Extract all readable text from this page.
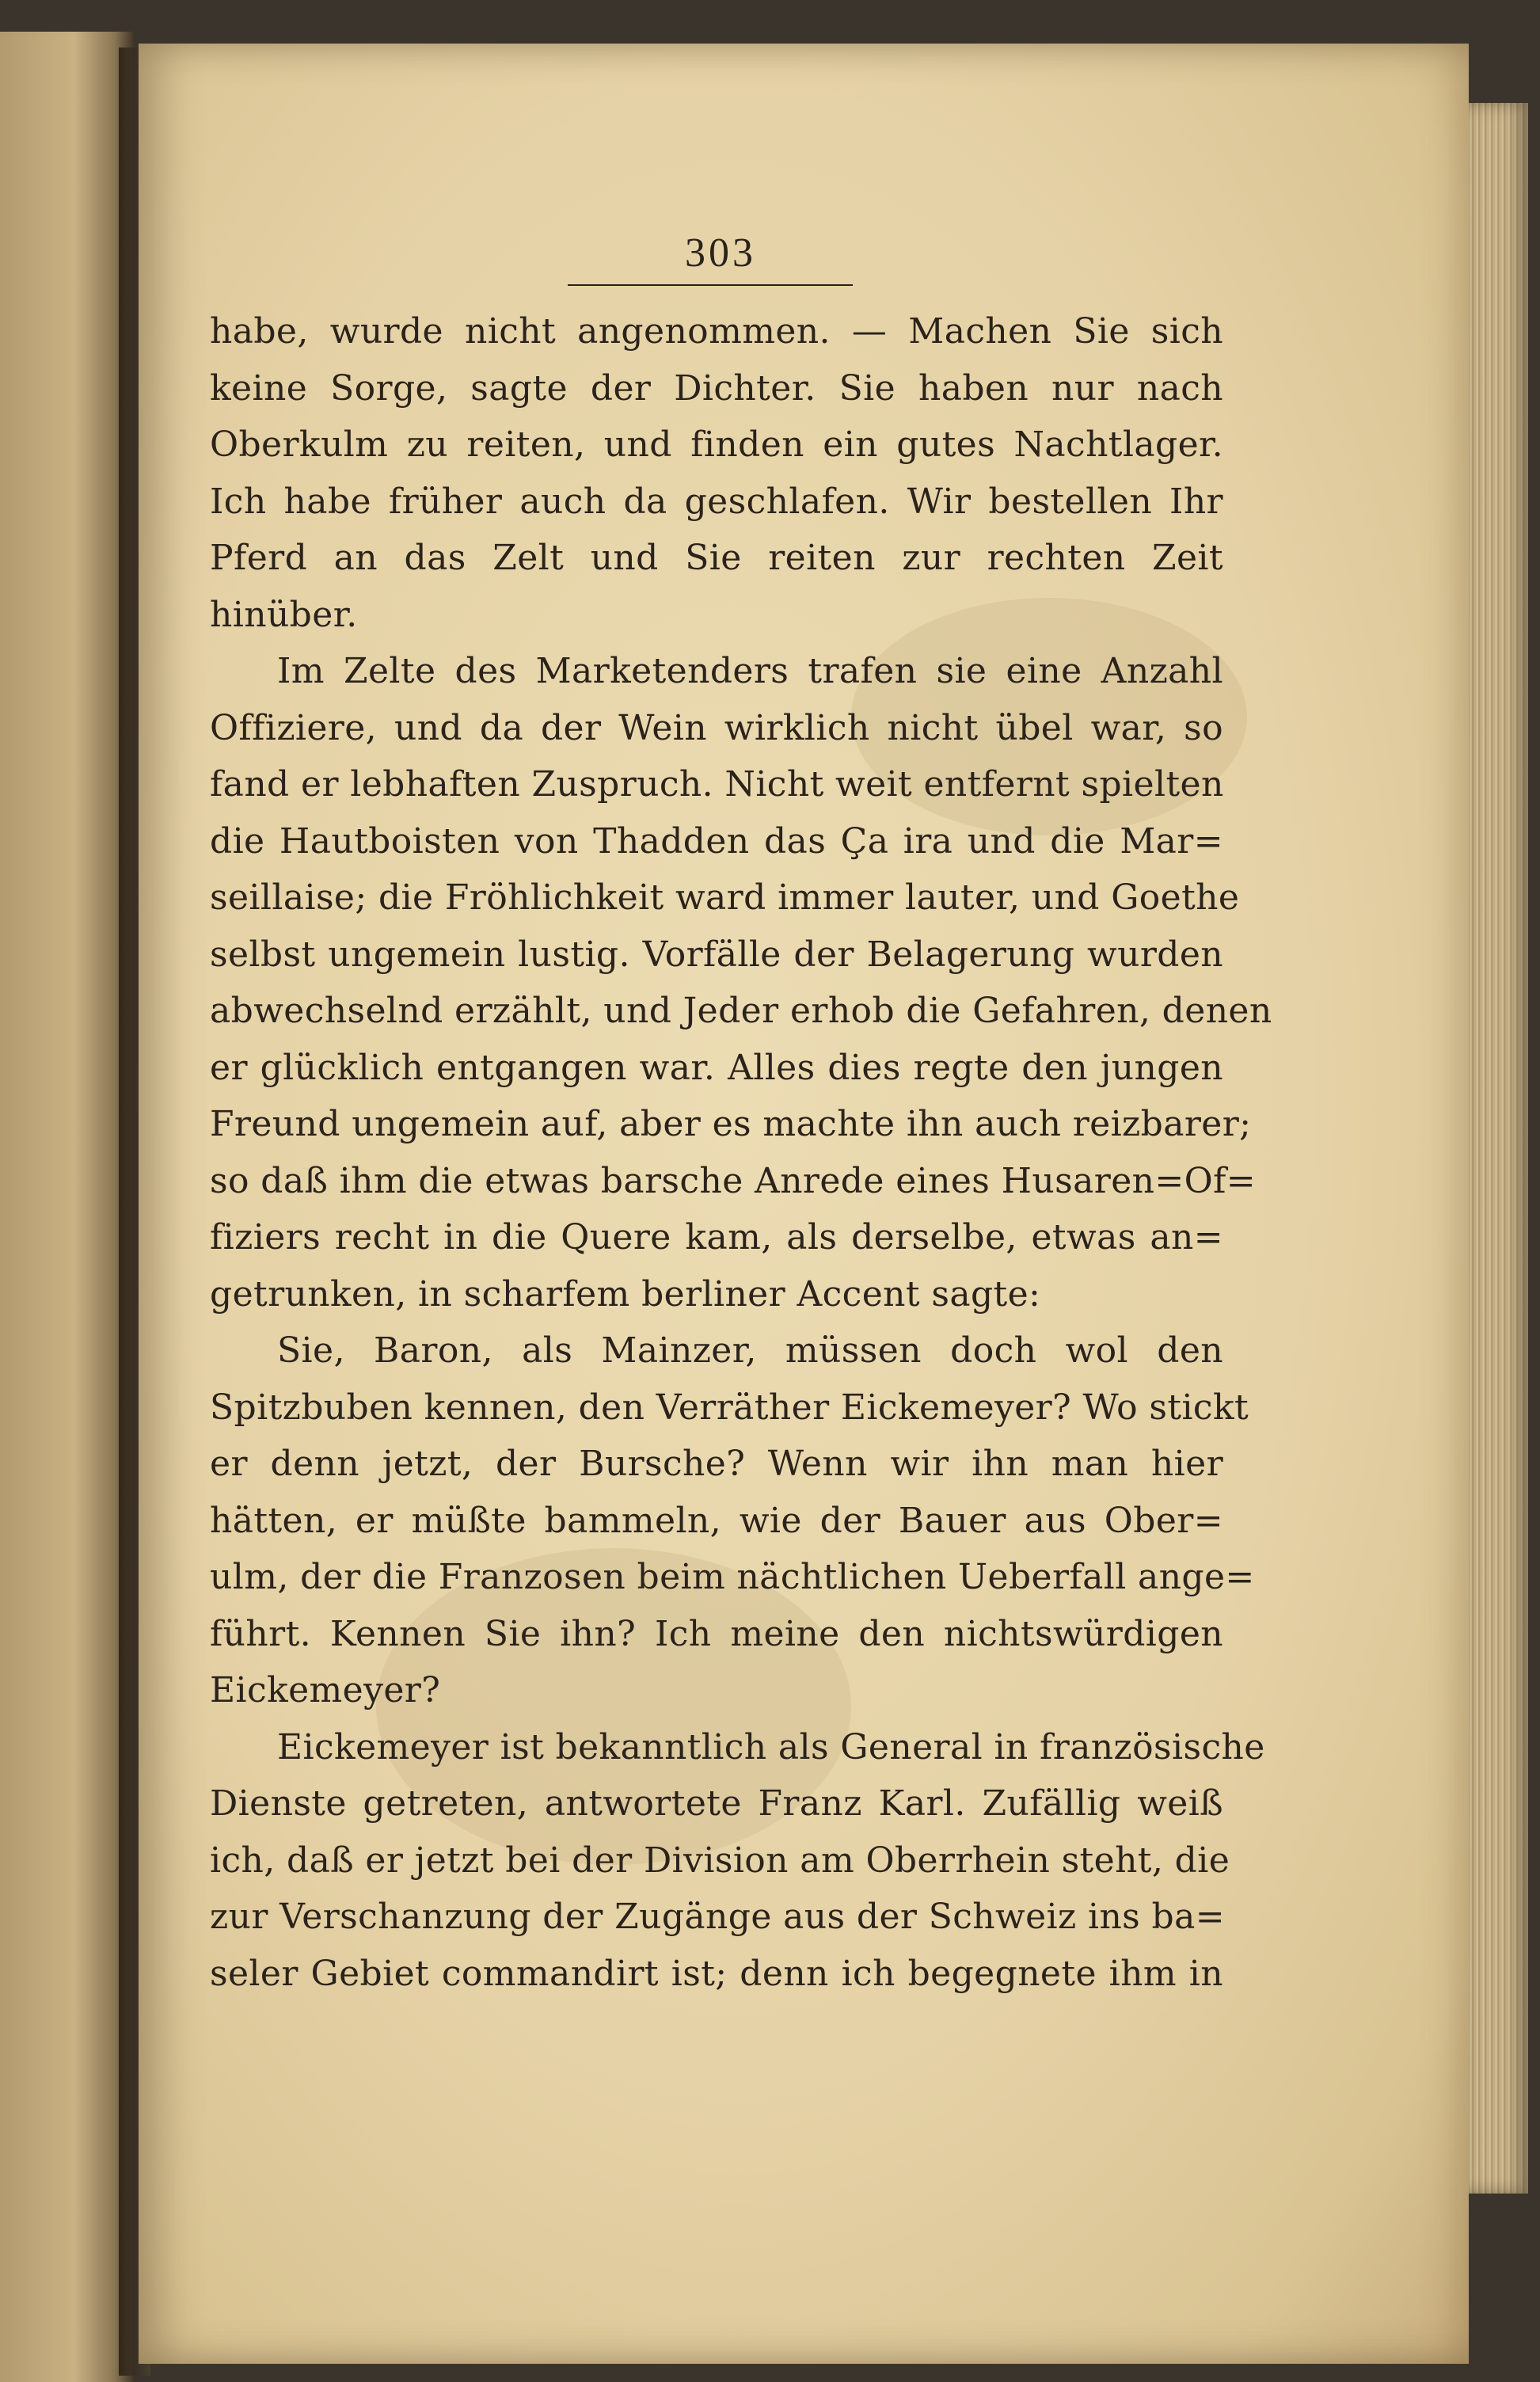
303
habe, wurde nicht angenommen. — Machen Sie sich
keine Sorge, sagte der Dichter. Sie haben nur nach
Oberkulm zu reiten, und finden ein gutes Nachtlager.
Ich habe früher auch da geschlafen. Wir bestellen Ihr
Pferd an das Zelt und Sie reiten zur rechten Zeit
hinüber.
Im Zelte des Marketenders trafen sie eine Anzahl
Offiziere, und da der Wein wirklich nicht übel war, so
fand er lebhaften Zuspruch. Nicht weit entfernt spielten
die Hautboisten von Thadden das Ça ira und die Mar=
seillaise; die Fröhlichkeit ward immer lauter, und Goethe
selbst ungemein lustig. Vorfälle der Belagerung wurden
abwechselnd erzählt, und Jeder erhob die Gefahren, denen
er glücklich entgangen war. Alles dies regte den jungen
Freund ungemein auf, aber es machte ihn auch reizbarer;
so daß ihm die etwas barsche Anrede eines Husaren=Of=
fiziers recht in die Quere kam, als derselbe, etwas an=
getrunken, in scharfem berliner Accent sagte:
Sie, Baron, als Mainzer, müssen doch wol den
Spitzbuben kennen, den Verräther Eickemeyer? Wo stickt
er denn jetzt, der Bursche? Wenn wir ihn man hier
hätten, er müßte bammeln, wie der Bauer aus Ober=
ulm, der die Franzosen beim nächtlichen Ueberfall ange=
führt. Kennen Sie ihn? Ich meine den nichtswürdigen
Eickemeyer?
Eickemeyer ist bekanntlich als General in französische
Dienste getreten, antwortete Franz Karl. Zufällig weiß
ich, daß er jetzt bei der Division am Oberrhein steht, die
zur Verschanzung der Zugänge aus der Schweiz ins ba=
seler Gebiet commandirt ist; denn ich begegnete ihm in
